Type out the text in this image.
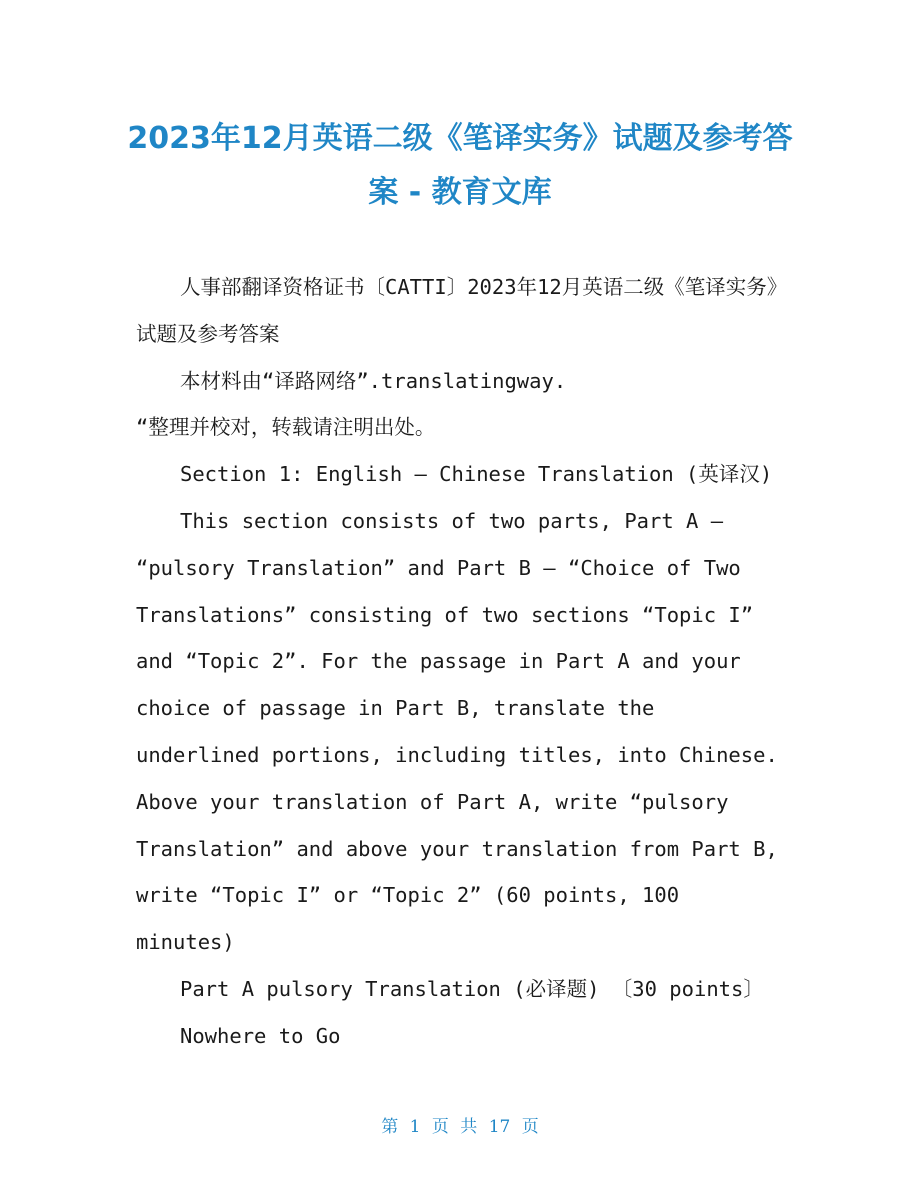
2023年12月英语二级《笔译实务》试题及参考答案 - 教育文库

人事部翻译资格证书〔CATTI〕2023年12月英语二级《笔译实务》试题及参考答案

本材料由“译路网络”.translatingway.

“整理并校对，转载请注明出处。

Section 1: English – Chinese Translation (英译汉)

This section consists of two parts, Part A — “pulsory Translation” and Part B — “Choice of Two Translations” consisting of two sections “Topic I” and “Topic 2”. For the passage in Part A and your choice of passage in Part B, translate the underlined portions, including titles, into Chinese. Above your translation of Part A, write “pulsory Translation” and above your translation from Part B, write “Topic I” or “Topic 2” (60 points, 100 minutes)

Part A pulsory Translation (必译题) 〔30 points〕

Nowhere to Go

第 1 页 共 17 页
